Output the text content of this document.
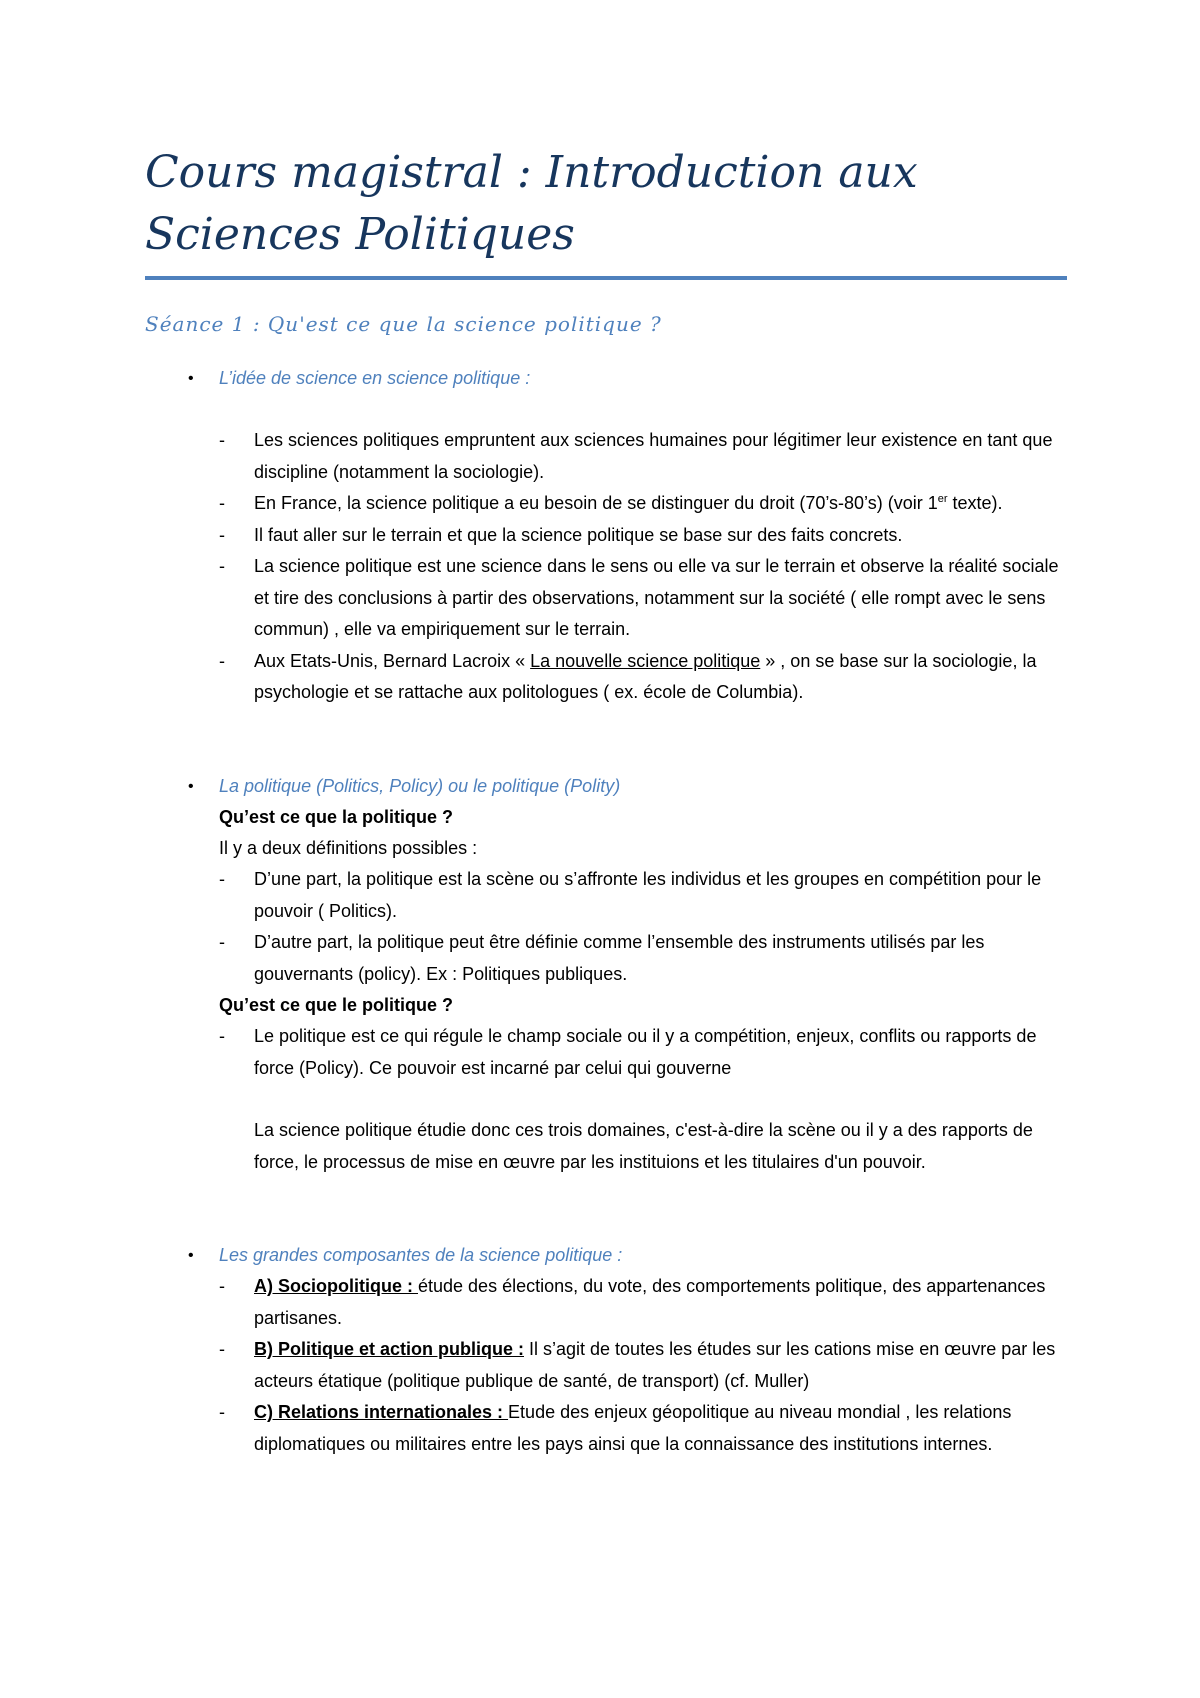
Cours magistral : Introduction aux
Sciences Politiques
Séance 1 : Qu'est ce que la science politique ?
• L’idée de science en science politique :
- Les sciences politiques empruntent aux sciences humaines pour légitimer leur existence en tant que discipline (notamment la sociologie).
- En France, la science politique a eu besoin de se distinguer du droit (70’s-80’s) (voir 1er texte).
- Il faut aller sur le terrain et que la science politique se base sur des faits concrets.
- La science politique est une science dans le sens ou elle va sur le terrain et observe la réalité sociale et tire des conclusions à partir des observations, notamment sur la société ( elle rompt avec le sens commun) , elle va empiriquement sur le terrain.
- Aux Etats-Unis, Bernard Lacroix « La nouvelle science politique » , on se base sur la sociologie, la psychologie et se rattache aux politologues ( ex. école de Columbia).
• La politique (Politics, Policy) ou le politique (Polity)
Qu’est ce que la politique ?
Il y a deux définitions possibles :
- D’une part, la politique est la scène ou s’affronte les individus et les groupes en compétition pour le pouvoir ( Politics).
- D’autre part, la politique peut être définie comme l’ensemble des instruments utilisés par les gouvernants (policy). Ex : Politiques publiques.
Qu’est ce que le politique ?
- Le politique est ce qui régule le champ sociale ou il y a compétition, enjeux, conflits ou rapports de force (Policy). Ce pouvoir est incarné par celui qui gouverne
La science politique étudie donc ces trois domaines, c'est-à-dire la scène ou il y a des rapports de force, le processus de mise en œuvre par les instituions et les titulaires d'un pouvoir.
• Les grandes composantes de la science politique :
- A) Sociopolitique : étude des élections, du vote, des comportements politique, des appartenances partisanes.
- B) Politique et action publique : Il s’agit de toutes les études sur les cations mise en œuvre par les acteurs étatique (politique publique de santé, de transport) (cf. Muller)
- C) Relations internationales : Etude des enjeux géopolitique au niveau mondial , les relations diplomatiques ou militaires entre les pays ainsi que la connaissance des institutions internes.
